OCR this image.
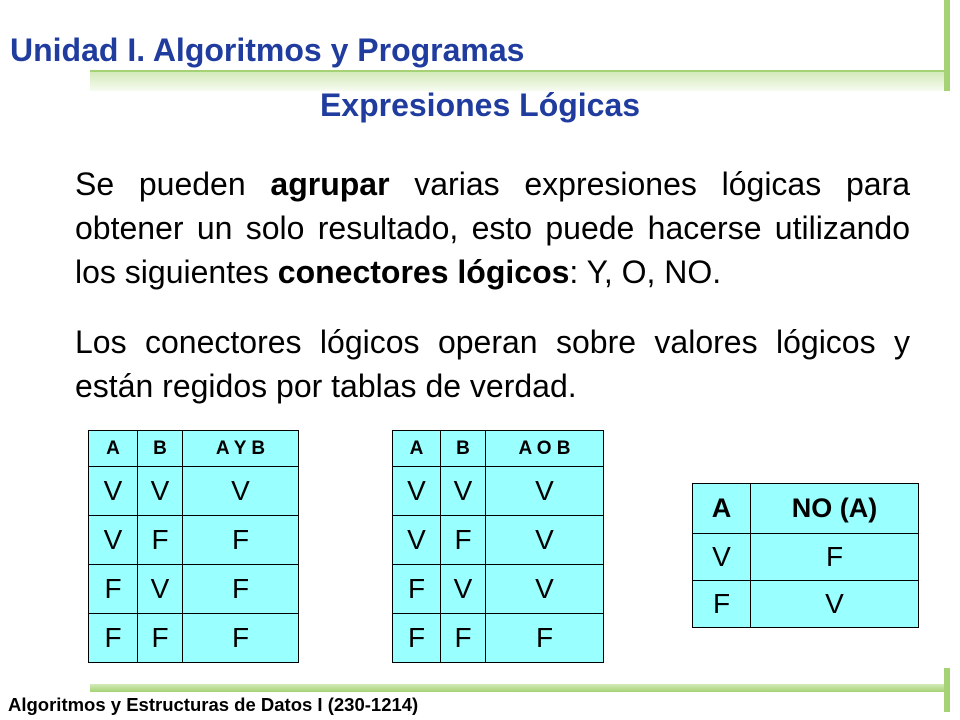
Unidad I. Algoritmos y Programas
Expresiones Lógicas

Se pueden agrupar varias expresiones lógicas para obtener un solo resultado, esto puede hacerse utilizando los siguientes conectores lógicos: Y, O, NO.

Los conectores lógicos operan sobre valores lógicos y están regidos por tablas de verdad.

A	B	A Y B
V	V	V
V	F	F
F	V	F
F	F	F
A	B	A O B
V	V	V
V	F	V
F	V	V
F	F	F
A	NO (A)
V	F
F	V
Algoritmos y Estructuras de Datos I (230-1214)
